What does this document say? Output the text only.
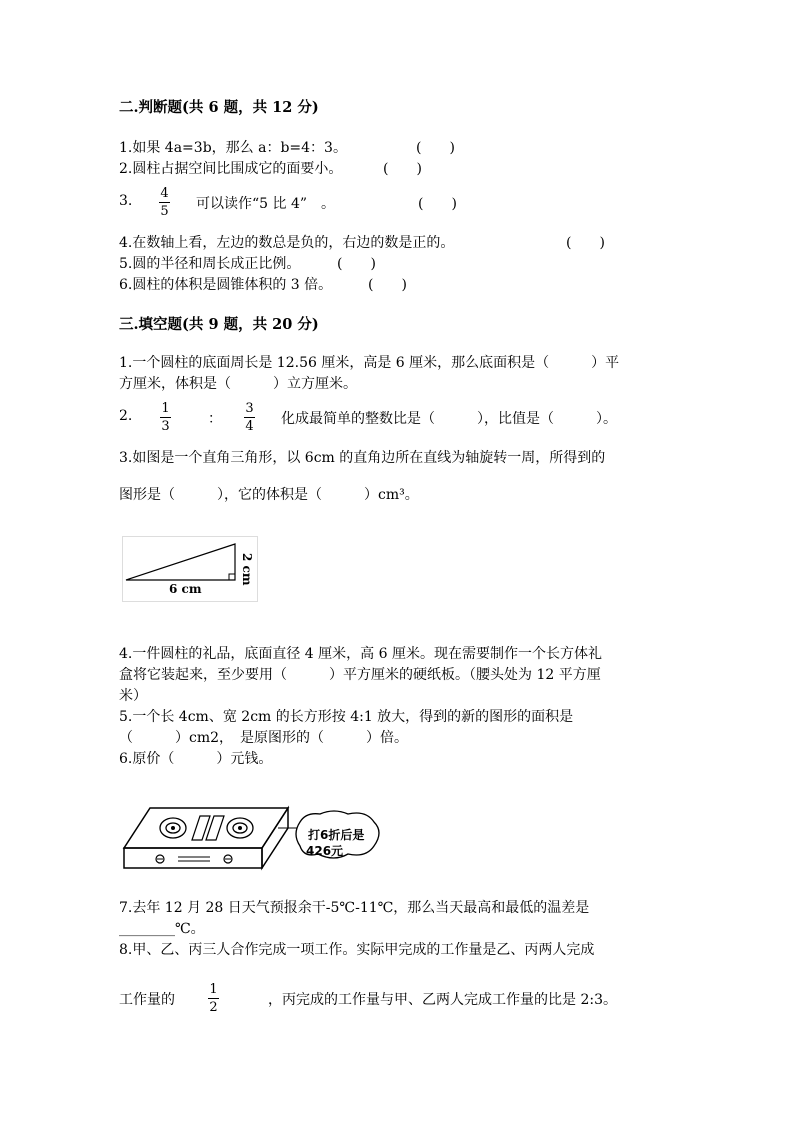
二.判断题(共 6 题，共 12 分)
1.如果 4a=3b，那么 a：b=4：3。	(　　)
2.圆柱占据空间比围成它的面要小。	(　　)
3. 4
5 可以读作“5 比 4”　。	(　　)
4.在数轴上看，左边的数总是负的，右边的数是正的。	(　　)
5.圆的半径和周长成正比例。	(　　)
6.圆柱的体积是圆锥体积的 3 倍。	(　　)
三.填空题(共 9 题，共 20 分)
1.一个圆柱的底面周长是 12.56 厘米，高是 6 厘米，那么底面积是（　　　）平
方厘米，体积是（　　　）立方厘米。
2. 1
3	：
3
4 化成最简单的整数比是（　　　），比值是（　　　）。
3.如图是一个直角三角形，以 6cm 的直角边所在直线为轴旋转一周，所得到的
图形是（　　　），它的体积是（　　　）cm³。
6 cm
2 cm
4.一件圆柱的礼品，底面直径 4 厘米，高 6 厘米。现在需要制作一个长方体礼
盒将它装起来，至少要用（　　　）平方厘米的硬纸板。（腰头处为 12 平方厘
米）
5.一个长 4cm、宽 2cm 的长方形按 4:1 放大，得到的新的图形的面积是
（　　　）cm2，　是原图形的（　　　）倍。
6.原价（　　　）元钱。
打6折后是
426元
7.去年 12 月 28 日天气预报余干-5℃-11℃，那么当天最高和最低的温差是
________℃。
8.甲、乙、丙三人合作完成一项工作。实际甲完成的工作量是乙、丙两人完成
工作量的
1
2	，丙完成的工作量与甲、乙两人完成工作量的比是 2:3。
